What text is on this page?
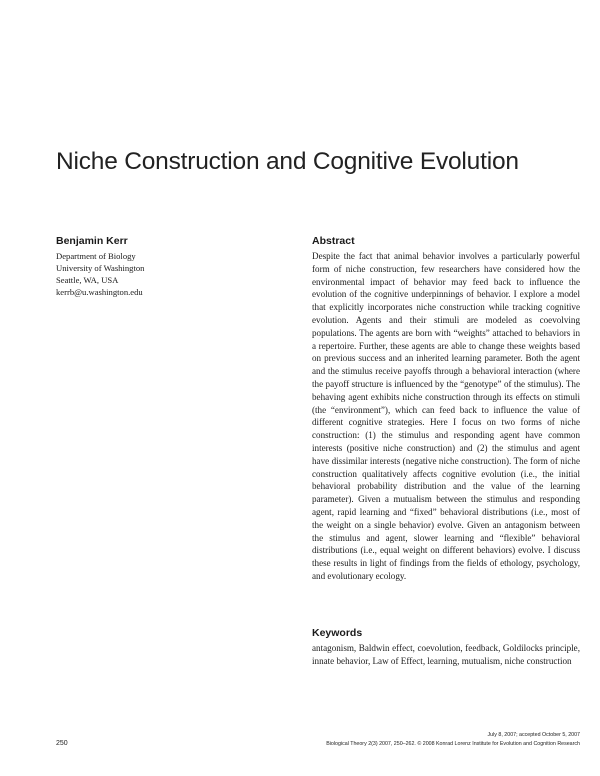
Niche Construction and Cognitive Evolution
Benjamin Kerr
Department of Biology
University of Washington
Seattle, WA, USA
kerrb@u.washington.edu
Abstract

Despite the fact that animal behavior involves a particularly powerful form of niche construction, few researchers have considered how the environmental impact of behavior may feed back to influence the evolution of the cognitive underpinnings of behavior. I explore a model that explicitly incorporates niche construction while tracking cognitive evolution. Agents and their stimuli are modeled as coevolving populations. The agents are born with “weights” attached to behaviors in a repertoire. Further, these agents are able to change these weights based on previous success and an inherited learning parameter. Both the agent and the stimulus receive payoffs through a behavioral interaction (where the payoff structure is influenced by the “genotype” of the stimulus). The behaving agent exhibits niche construction through its effects on stimuli (the “environment”), which can feed back to influence the value of different cognitive strategies. Here I focus on two forms of niche construction: (1) the stimulus and responding agent have common interests (positive niche construction) and (2) the stimulus and agent have dissimilar interests (negative niche construction). The form of niche construction qualitatively affects cognitive evolution (i.e., the initial behavioral probability distribution and the value of the learning parameter). Given a mutualism between the stimulus and responding agent, rapid learning and “fixed” behavioral distributions (i.e., most of the weight on a single behavior) evolve. Given an antagonism between the stimulus and agent, slower learning and “flexible” behavioral distributions (i.e., equal weight on different behaviors) evolve. I discuss these results in light of findings from the fields of ethology, psychology, and evolutionary ecology.

Keywords

antagonism, Baldwin effect, coevolution, feedback, Goldilocks principle, innate behavior, Law of Effect, learning, mutualism, niche construction

250
July 8, 2007; accepted October 5, 2007
Biological Theory 2(3) 2007, 250–262. © 2008 Konrad Lorenz Institute for Evolution and Cognition Research
